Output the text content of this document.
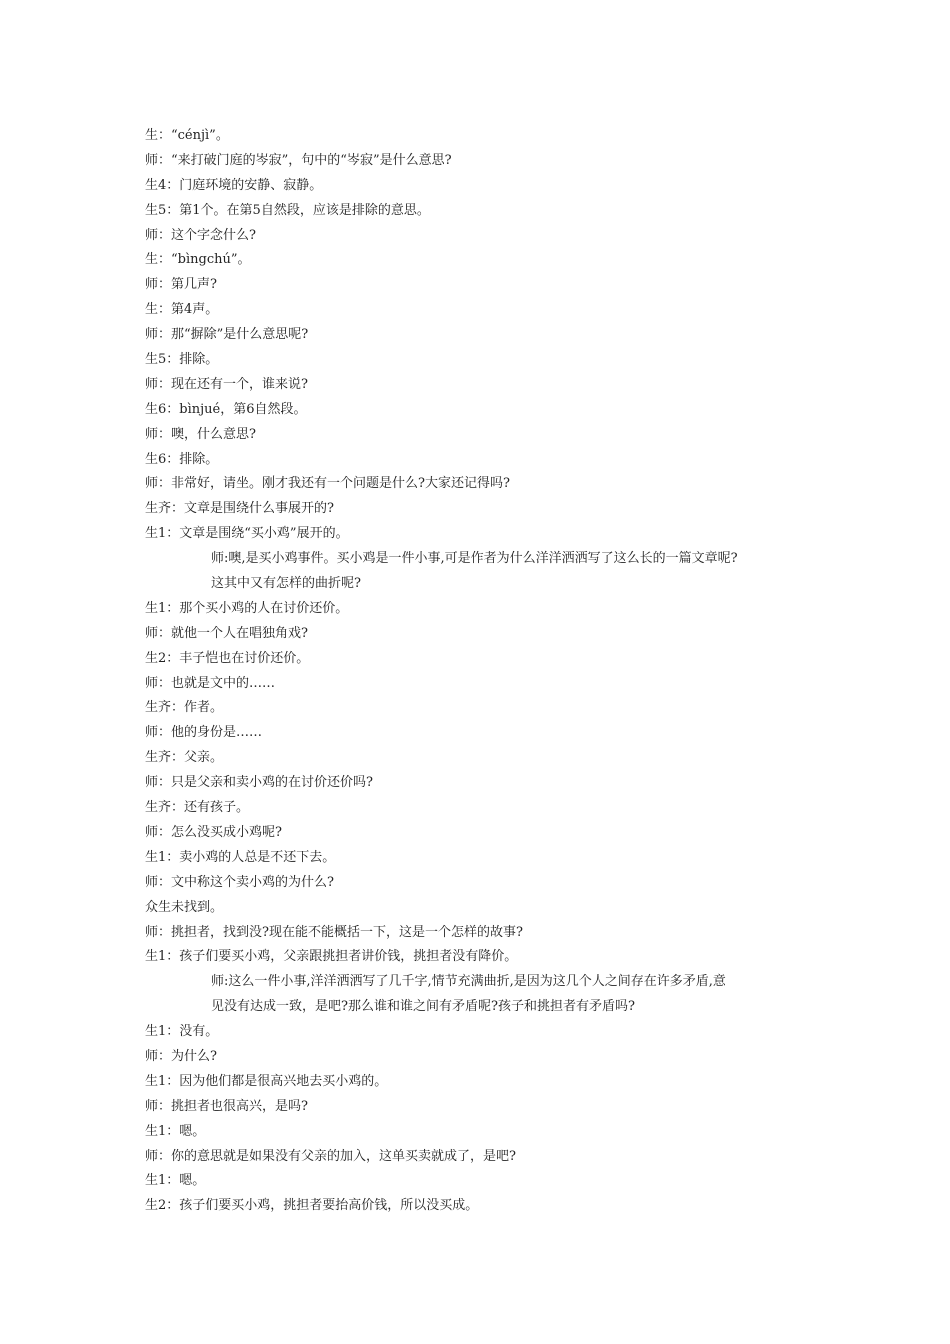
生：“cénjì”。
师：“来打破门庭的岑寂”，句中的“岑寂”是什么意思?
生4：门庭环境的安静、寂静。
生5：第1个。在第5自然段，应该是排除的意思。
师：这个字念什么?
生：“bìngchú”。
师：第几声?
生：第4声。
师：那“摒除”是什么意思呢?
生5：排除。
师：现在还有一个，谁来说?
生6：bìnjué，第6自然段。
师：噢，什么意思?
生6：排除。
师：非常好，请坐。刚才我还有一个问题是什么?大家还记得吗?
生齐：文章是围绕什么事展开的?
生1：文章是围绕“买小鸡”展开的。
师:噢,是买小鸡事件。买小鸡是一件小事,可是作者为什么洋洋洒洒写了这么长的一篇文章呢?
这其中又有怎样的曲折呢?
生1：那个买小鸡的人在讨价还价。
师：就他一个人在唱独角戏?
生2：丰子恺也在讨价还价。
师：也就是文中的……
生齐：作者。
师：他的身份是……
生齐：父亲。
师：只是父亲和卖小鸡的在讨价还价吗?
生齐：还有孩子。
师：怎么没买成小鸡呢?
生1：卖小鸡的人总是不还下去。
师：文中称这个卖小鸡的为什么?
众生未找到。
师：挑担者，找到没?现在能不能概括一下，这是一个怎样的故事?
生1：孩子们要买小鸡，父亲跟挑担者讲价钱，挑担者没有降价。
师:这么一件小事,洋洋洒洒写了几千字,情节充满曲折,是因为这几个人之间存在许多矛盾,意
见没有达成一致，是吧?那么谁和谁之间有矛盾呢?孩子和挑担者有矛盾吗?
生1：没有。
师：为什么?
生1：因为他们都是很高兴地去买小鸡的。
师：挑担者也很高兴，是吗?
生1：嗯。
师：你的意思就是如果没有父亲的加入，这单买卖就成了，是吧?
生1：嗯。
生2：孩子们要买小鸡，挑担者要抬高价钱，所以没买成。
